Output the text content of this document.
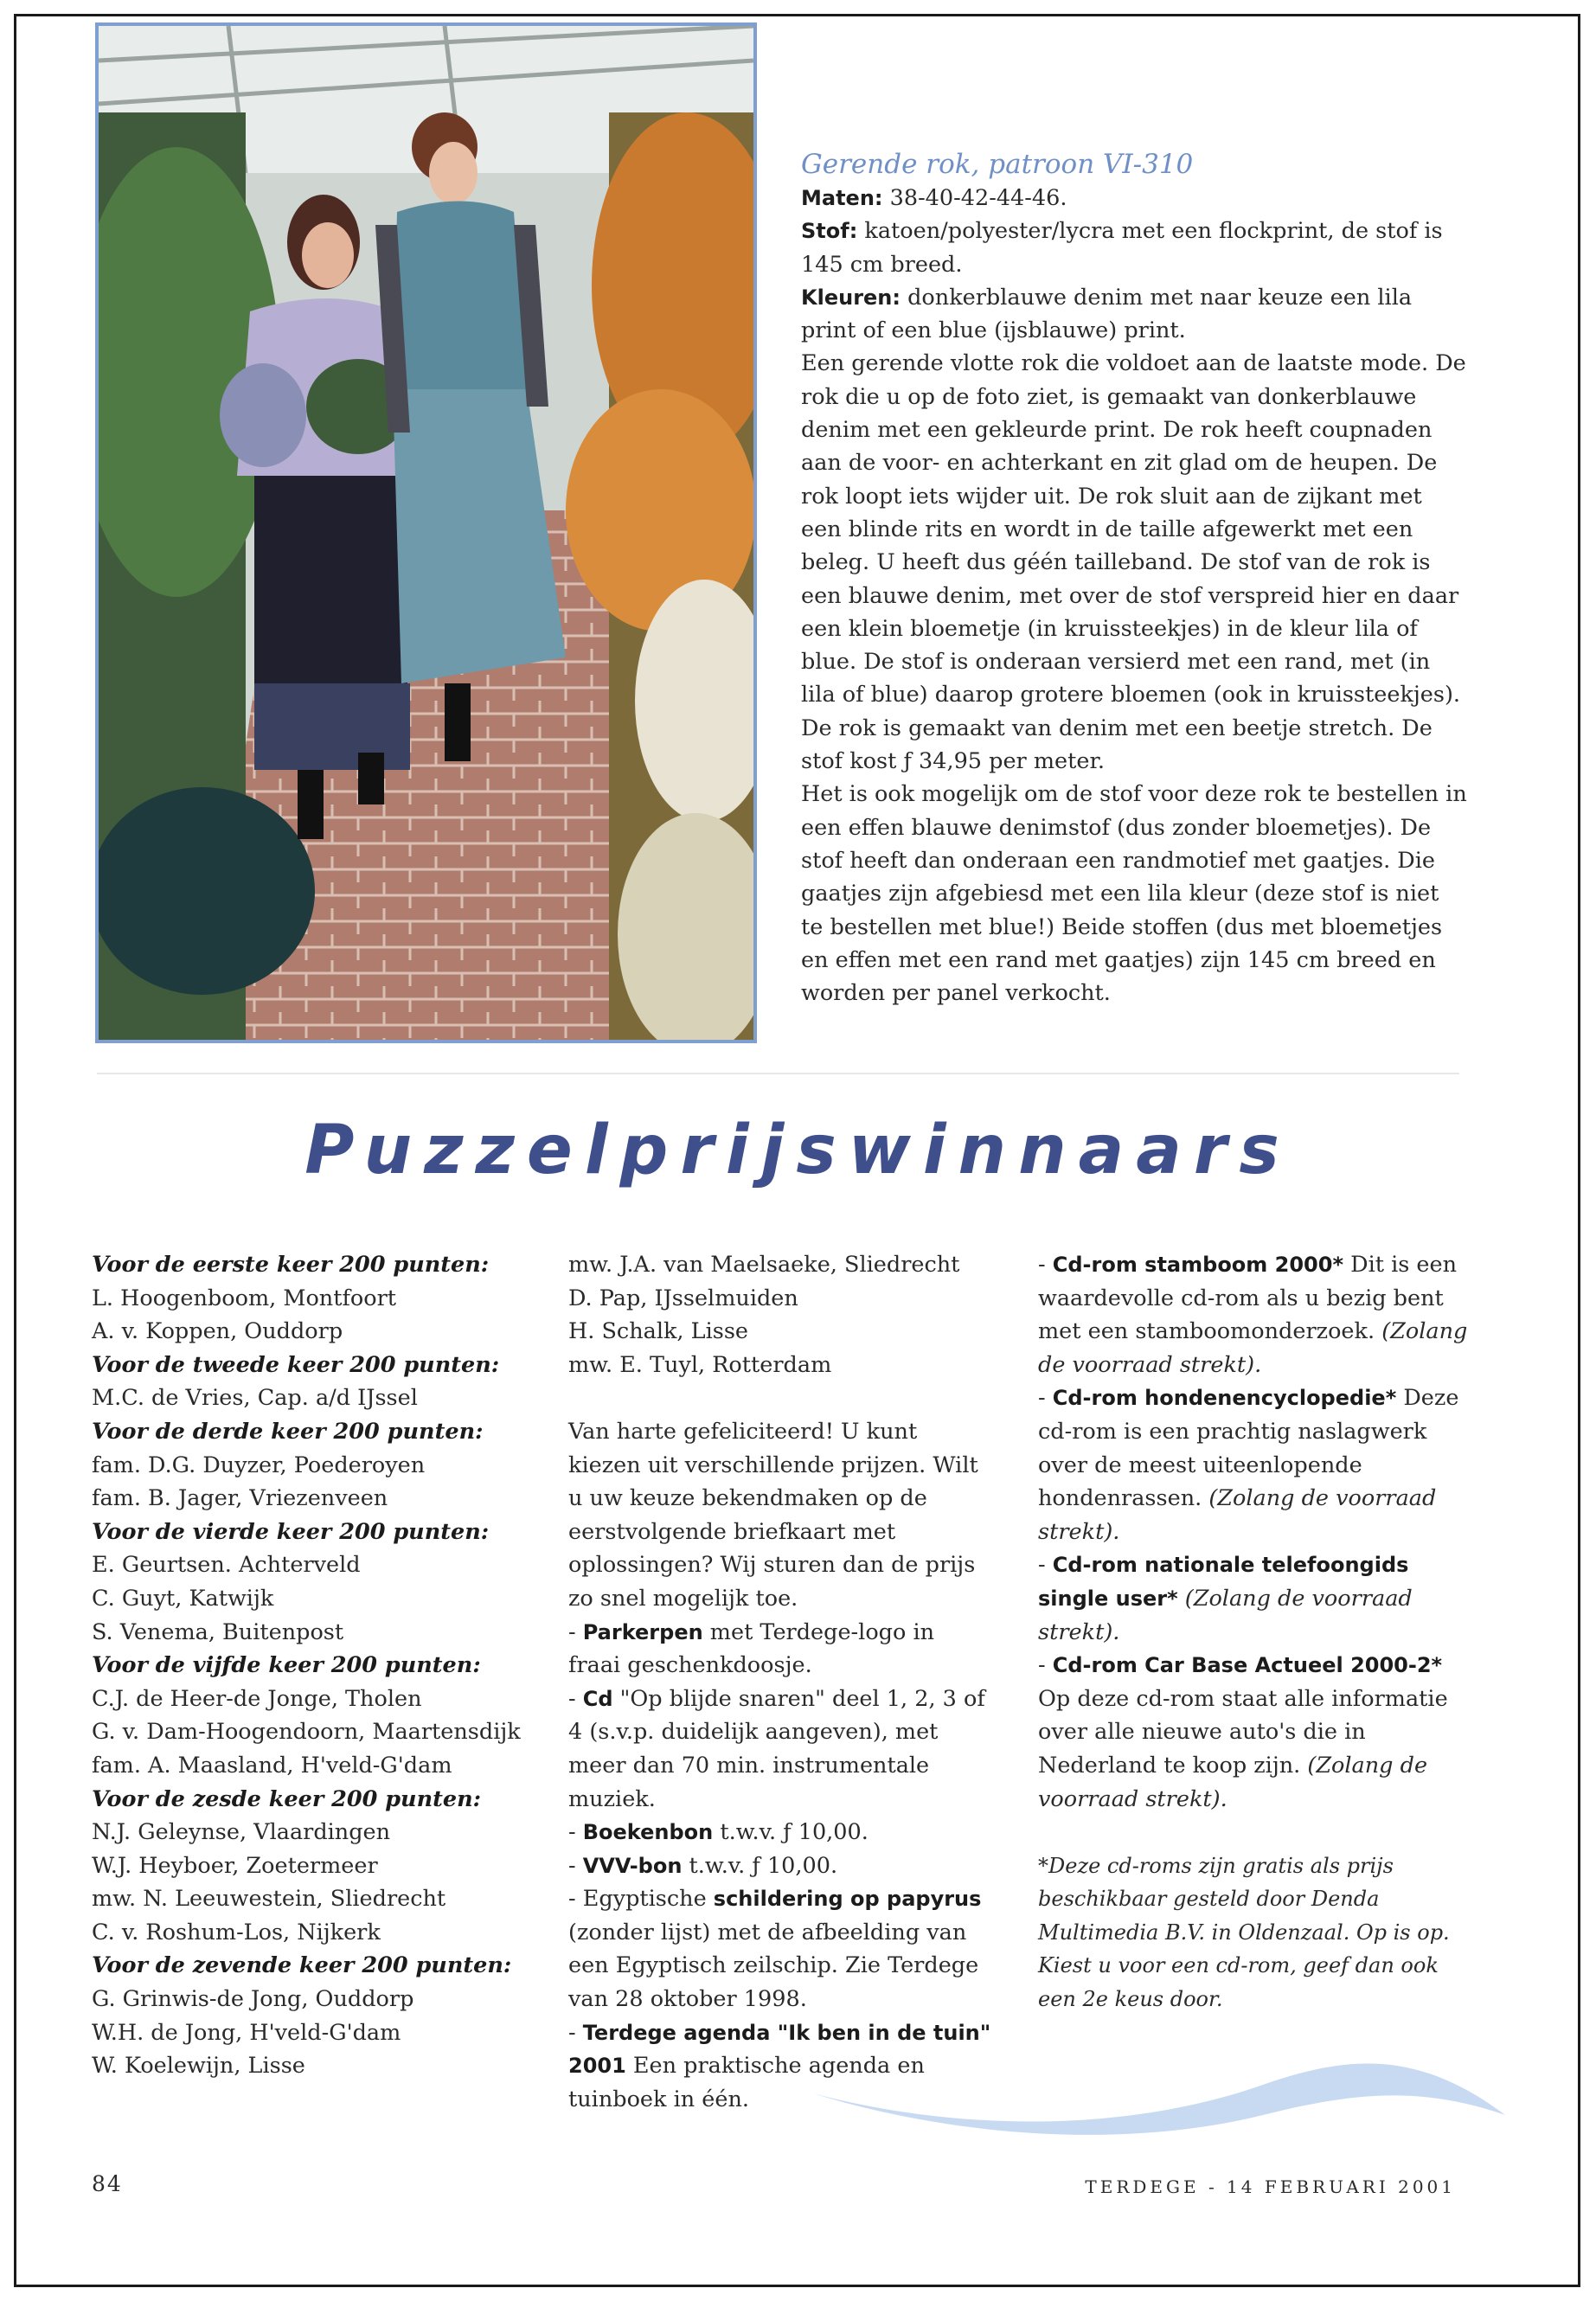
Gerende rok, patroon VI-310

Maten: 38-40-42-44-46.

Stof: katoen/polyester/lycra met een flockprint, de stof is 145 cm breed.

Kleuren: donkerblauwe denim met naar keuze een lila print of een blue (ijsblauwe) print.

Een gerende vlotte rok die voldoet aan de laatste mode. De rok die u op de foto ziet, is gemaakt van donkerblauwe denim met een gekleurde print. De rok heeft coupnaden aan de voor- en achterkant en zit glad om de heupen. De rok loopt iets wijder uit. De rok sluit aan de zijkant met een blinde rits en wordt in de taille afgewerkt met een beleg. U heeft dus géén tailleband. De stof van de rok is een blauwe denim, met over de stof verspreid hier en daar een klein bloemetje (in kruissteekjes) in de kleur lila of blue. De stof is onderaan versierd met een rand, met (in lila of blue) daarop grotere bloemen (ook in kruissteekjes). De rok is gemaakt van denim met een beetje stretch. De stof kost ƒ 34,95 per meter.

Het is ook mogelijk om de stof voor deze rok te bestellen in een effen blauwe denimstof (dus zonder bloemetjes). De stof heeft dan onderaan een randmotief met gaatjes. Die gaatjes zijn afgebiesd met een lila kleur (deze stof is niet te bestellen met blue!) Beide stoffen (dus met bloemetjes en effen met een rand met gaatjes) zijn 145 cm breed en worden per panel verkocht.

Puzzelprijswinnaars
Voor de eerste keer 200 punten:
L. Hoogenboom, Montfoort
A. v. Koppen, Ouddorp
Voor de tweede keer 200 punten:
M.C. de Vries, Cap. a/d IJssel
Voor de derde keer 200 punten:
fam. D.G. Duyzer, Poederoyen
fam. B. Jager, Vriezenveen
Voor de vierde keer 200 punten:
E. Geurtsen. Achterveld
C. Guyt, Katwijk
S. Venema, Buitenpost
Voor de vijfde keer 200 punten:
C.J. de Heer-de Jonge, Tholen
G. v. Dam-Hoogendoorn, Maartensdijk
fam. A. Maasland, H'veld-G'dam
Voor de zesde keer 200 punten:
N.J. Geleynse, Vlaardingen
W.J. Heyboer, Zoetermeer
mw. N. Leeuwestein, Sliedrecht
C. v. Roshum-Los, Nijkerk
Voor de zevende keer 200 punten:
G. Grinwis-de Jong, Ouddorp
W.H. de Jong, H'veld-G'dam
W. Koelewijn, Lisse
mw. J.A. van Maelsaeke, Sliedrecht
D. Pap, IJsselmuiden
H. Schalk, Lisse
mw. E. Tuyl, Rotterdam
Van harte gefeliciteerd! U kunt kiezen uit verschillende prijzen. Wilt u uw keuze bekendmaken op de eerstvolgende briefkaart met oplossingen? Wij sturen dan de prijs zo snel mogelijk toe.
- Parkerpen met Terdege-logo in fraai geschenkdoosje.
- Cd "Op blijde snaren" deel 1, 2, 3 of 4 (s.v.p. duidelijk aangeven), met meer dan 70 min. instrumentale muziek.
- Boekenbon t.w.v. ƒ 10,00.
- VVV-bon t.w.v. ƒ 10,00.
- Egyptische schildering op papyrus (zonder lijst) met de afbeelding van een Egyptisch zeilschip. Zie Terdege van 28 oktober 1998.
- Terdege agenda "Ik ben in de tuin" 2001 Een praktische agenda en tuinboek in één.
- Cd-rom stamboom 2000* Dit is een waardevolle cd-rom als u bezig bent met een stamboomonderzoek. (Zolang de voorraad strekt).
- Cd-rom hondenencyclopedie* Deze cd-rom is een prachtig naslagwerk over de meest uiteenlopende hondenrassen. (Zolang de voorraad strekt).
- Cd-rom nationale telefoongids single user* (Zolang de voorraad strekt).
- Cd-rom Car Base Actueel 2000-2* Op deze cd-rom staat alle informatie over alle nieuwe auto's die in Nederland te koop zijn. (Zolang de voorraad strekt).
*Deze cd-roms zijn gratis als prijs beschikbaar gesteld door Denda Multimedia B.V. in Oldenzaal. Op is op. Kiest u voor een cd-rom, geef dan ook een 2e keus door.
84	TERDEGE - 14 FEBRUARI 2001
